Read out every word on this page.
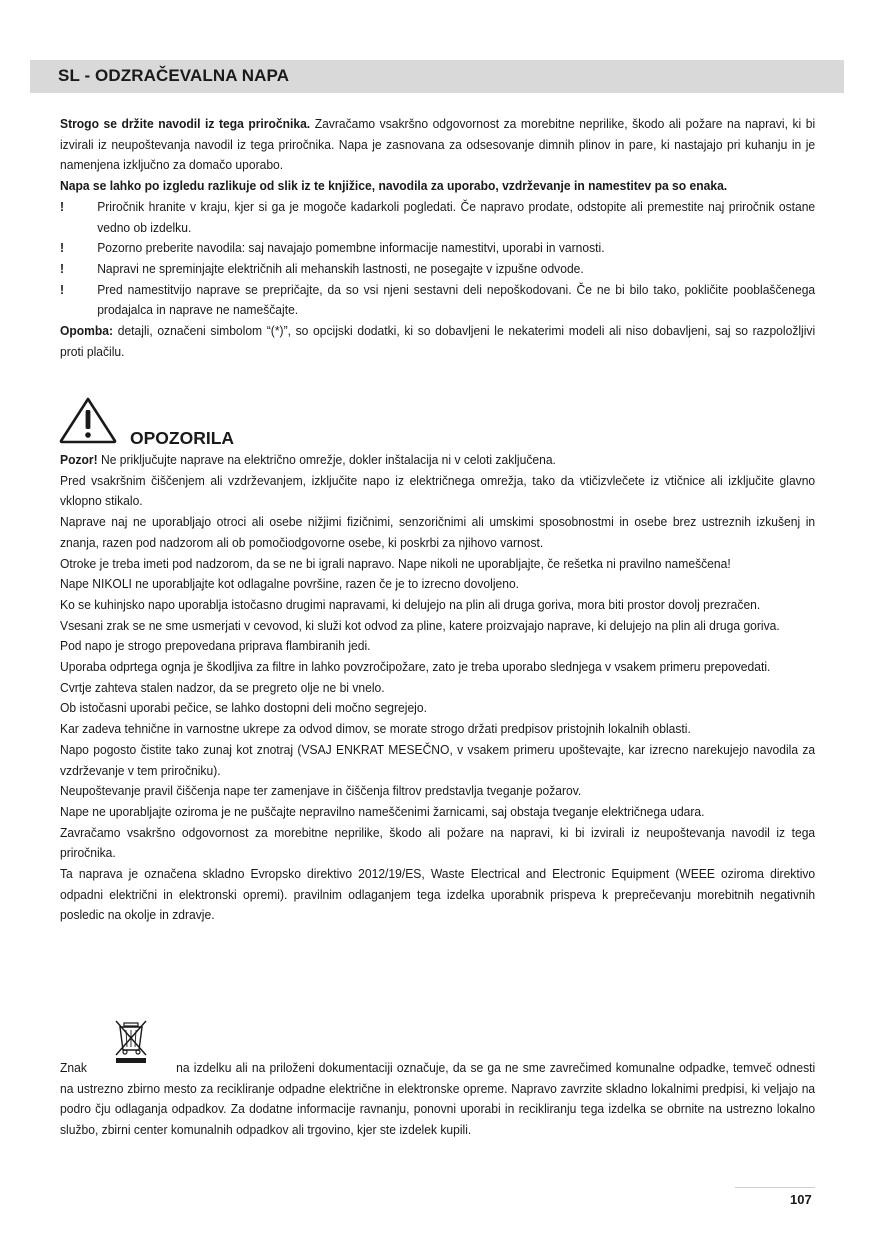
SL - ODZRAČEVALNA NAPA

Strogo se držite navodil iz tega priročnika. Zavračamo vsakršno odgovornost za morebitne neprilike, škodo ali požare na napravi, ki bi izvirali iz neupoštevanja navodil iz tega priročnika. Napa je zasnovana za odsesovanje dimnih plinov in pare, ki nastajajo pri kuhanju in je namenjena izključno za domačo uporabo.

Napa se lahko po izgledu razlikuje od slik iz te knjižice, navodila za uporabo, vzdrževanje in namestitev pa so enaka.

!	Priročnik hranite v kraju, kjer si ga je mogoče kadarkoli pogledati. Če napravo prodate, odstopite ali premestite naj priročnik ostane vedno ob izdelku.
!	Pozorno preberite navodila: saj navajajo pomembne informacije namestitvi, uporabi in varnosti.
!	Napravi ne spreminjajte električnih ali mehanskih lastnosti, ne posegajte v izpušne odvode.
!	Pred namestitvijo naprave se prepričajte, da so vsi njeni sestavni deli nepoškodovani. Če ne bi bilo tako, pokličite pooblaščenega prodajalca in naprave ne nameščajte.

Opomba: detajli, označeni simbolom “(*)”, so opcijski dodatki, ki so dobavljeni le nekaterimi modeli ali niso dobavljeni, saj so razpoložljivi proti plačilu.

OPOZORILA

Pozor! Ne priključujte naprave na električno omrežje, dokler inštalacija ni v celoti zaključena.

Pred vsakršnim čiščenjem ali vzdrževanjem, izključite napo iz električnega omrežja, tako da vtičizvlečete iz vtičnice ali izključite glavno vklopno stikalo.

Naprave naj ne uporabljajo otroci ali osebe nižjimi fizičnimi, senzoričnimi ali umskimi sposobnostmi in osebe brez ustreznih izkušenj in znanja, razen pod nadzorom ali ob pomočiodgovorne osebe, ki poskrbi za njihovo varnost.

Otroke je treba imeti pod nadzorom, da se ne bi igrali napravo. Nape nikoli ne uporabljajte, če rešetka ni pravilno nameščena!

Nape NIKOLI ne uporabljajte kot odlagalne površine, razen če je to izrecno dovoljeno.

Ko se kuhinjsko napo uporablja istočasno drugimi napravami, ki delujejo na plin ali druga goriva, mora biti prostor dovolj prezračen.

Vsesani zrak se ne sme usmerjati v cevovod, ki služi kot odvod za pline, katere proizvajajo naprave, ki delujejo na plin ali druga goriva.

Pod napo je strogo prepovedana priprava flambiranih jedi.

Uporaba odprtega ognja je škodljiva za filtre in lahko povzročipožare, zato je treba uporabo slednjega v vsakem primeru prepovedati.

Cvrtje zahteva stalen nadzor, da se pregreto olje ne bi vnelo.

Ob istočasni uporabi pečice, se lahko dostopni deli močno segrejejo.

Kar zadeva tehnične in varnostne ukrepe za odvod dimov, se morate strogo držati predpisov pristojnih lokalnih oblasti.

Napo pogosto čistite tako zunaj kot znotraj (VSAJ ENKRAT MESEČNO, v vsakem primeru upoštevajte, kar izrecno narekujejo navodila za vzdrževanje v tem priročniku).

Neupoštevanje pravil čiščenja nape ter zamenjave in čiščenja filtrov predstavlja tveganje požarov.

Nape ne uporabljajte oziroma je ne puščajte nepravilno nameščenimi žarnicami, saj obstaja tveganje električnega udara.

Zavračamo vsakršno odgovornost za morebitne neprilike, škodo ali požare na napravi, ki bi izvirali iz neupoštevanja navodil iz tega priročnika.

Ta naprava je označena skladno Evropsko direktivo 2012/19/ES, Waste Electrical and Electronic Equipment (WEEE oziroma direktivo odpadni električni in elektronski opremi). pravilnim odlaganjem tega izdelka uporabnik prispeva k preprečevanju morebitnih negativnih posledic na okolje in zdravje.

Znak	na izdelku ali na priloženi dokumentaciji označuje, da se ga ne sme zavrečimed komunalne odpadke, temveč odnesti na ustrezno zbirno mesto za recikliranje odpadne električne in elektronske opreme. Napravo zavrzite skladno lokalnimi predpisi, ki veljajo na podro čju odlaganja odpadkov. Za dodatne informacije ravnanju, ponovni uporabi in recikliranju tega izdelka se obrnite na ustrezno lokalno službo, zbirni center komunalnih odpadkov ali trgovino, kjer ste izdelek kupili.

107
